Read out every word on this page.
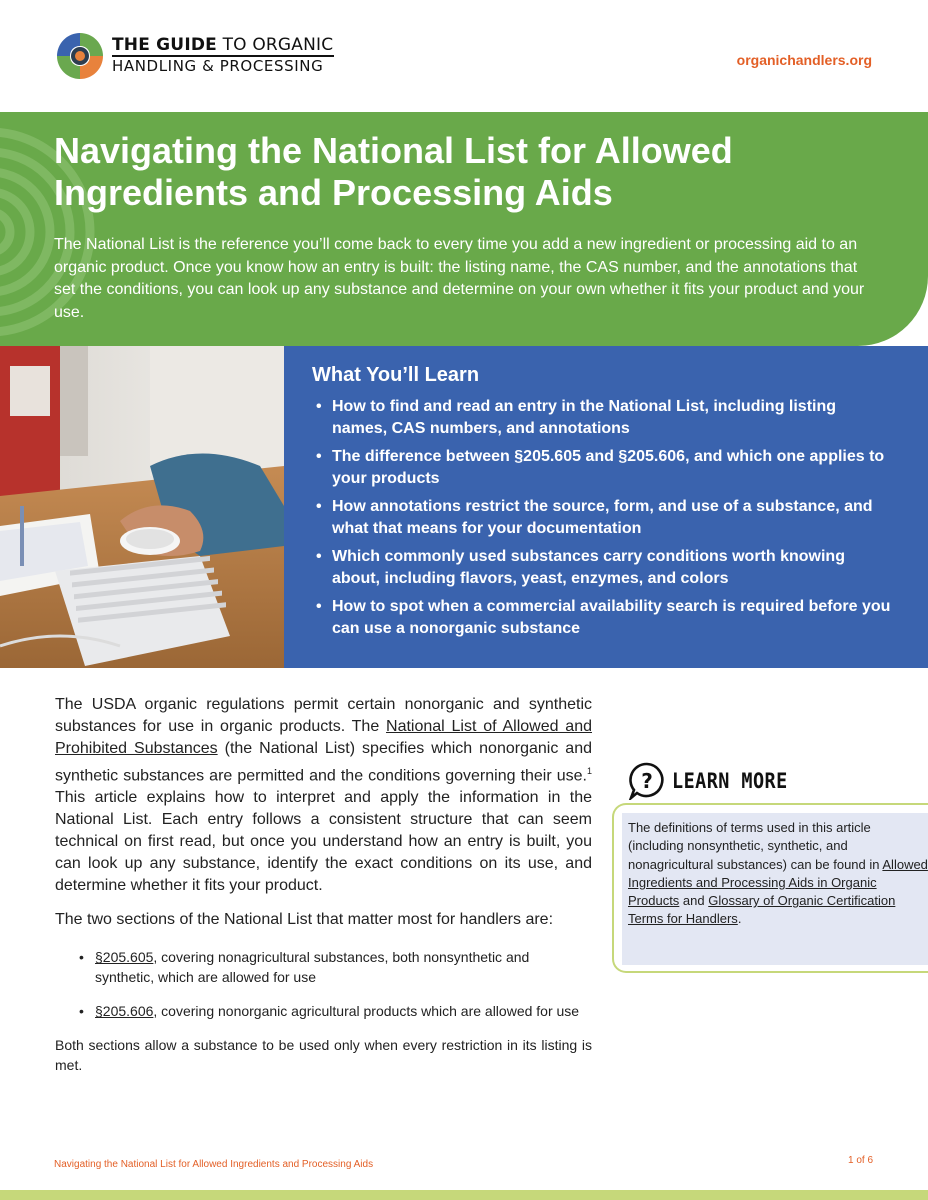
THE GUIDE TO ORGANIC
HANDLING & PROCESSING	organichandlers.org
Navigating the National List for Allowed
Ingredients and Processing Aids
The National List is the reference you’ll come back to every time you add a new ingredient or processing aid to an organic product. Once you know how an entry is built: the listing name, the CAS number, and the annotations that set the conditions, you can look up any substance and determine on your own whether it fits your product and your use.
What You’ll Learn
• How to find and read an entry in the National List, including listing names, CAS numbers, and annotations
• The difference between §205.605 and §205.606, and which one applies to your products
• How annotations restrict the source, form, and use of a substance, and what that means for your documentation
• Which commonly used substances carry conditions worth knowing about, including flavors, yeast, enzymes, and colors
• How to spot when a commercial availability search is required before you can use a nonorganic substance

The USDA organic regulations permit certain nonorganic and synthetic substances for use in organic products. The National List of Allowed and Prohibited Substances (the National List) specifies which nonorganic and synthetic substances are permitted and the conditions governing their use.$^1$ This article explains how to interpret and apply the information in the National List. Each entry follows a consistent structure that can seem technical on first read, but once you understand how an entry is built, you can look up any substance, identify the exact conditions on its use, and determine whether it fits your product.

The two sections of the National List that matter most for handlers are:

• §205.605, covering nonagricultural substances, both nonsynthetic and synthetic, which are allowed for use
• §205.606, covering nonorganic agricultural products which are allowed for use

Both sections allow a substance to be used only when every restriction in its listing is met.

? LEARN MORE
The definitions of terms used in this article (including nonsynthetic, synthetic, and nonagricultural substances) can be found in Allowed Ingredients and Processing Aids in Organic Products and Glossary of Organic Certification Terms for Handlers.
Navigating the National List for Allowed Ingredients and Processing Aids	1 of 6
